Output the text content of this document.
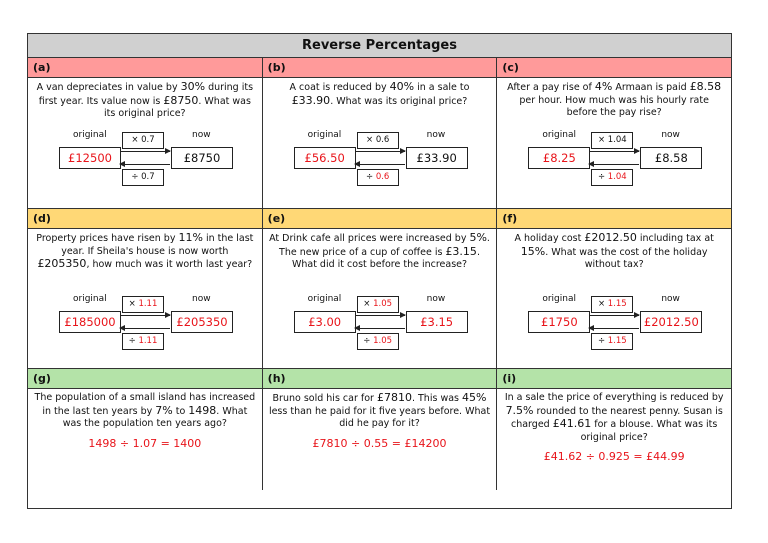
Reverse Percentages
(a)
A van depreciates in value by 30% during its first year. Its value now is £8750. What was its original price?
original	now
£12500	£8750
× 0.7
÷ 0.7
(b)
A coat is reduced by 40% in a sale to £33.90. What was its original price?
original	now
£56.50	£33.90
× 0.6
÷ 0.6
(c)
After a pay rise of 4% Armaan is paid £8.58 per hour. How much was his hourly rate before the pay rise?
original	now
£8.25	£8.58
× 1.04
÷ 1.04
(d)
Property prices have risen by 11% in the last year. If Sheila's house is now worth £205350, how much was it worth last year?
original	now
£185000	£205350
× 1.11
÷ 1.11
(e)
At Drink cafe all prices were increased by 5%. The new price of a cup of coffee is £3.15. What did it cost before the increase?
original	now
£3.00	£3.15
× 1.05
÷ 1.05
(f)
A holiday cost £2012.50 including tax at 15%. What was the cost of the holiday without tax?
original	now
£1750	£2012.50
× 1.15
÷ 1.15
(g)
The population of a small island has increased in the last ten years by 7% to 1498. What was the population ten years ago?
1498 ÷ 1.07 = 1400
(h)
Bruno sold his car for £7810. This was 45% less than he paid for it five years before. What did he pay for it?
£7810 ÷ 0.55 = £14200
(i)
In a sale the price of everything is reduced by 7.5% rounded to the nearest penny. Susan is charged £41.61 for a blouse. What was its original price?
£41.62 ÷ 0.925 = £44.99
